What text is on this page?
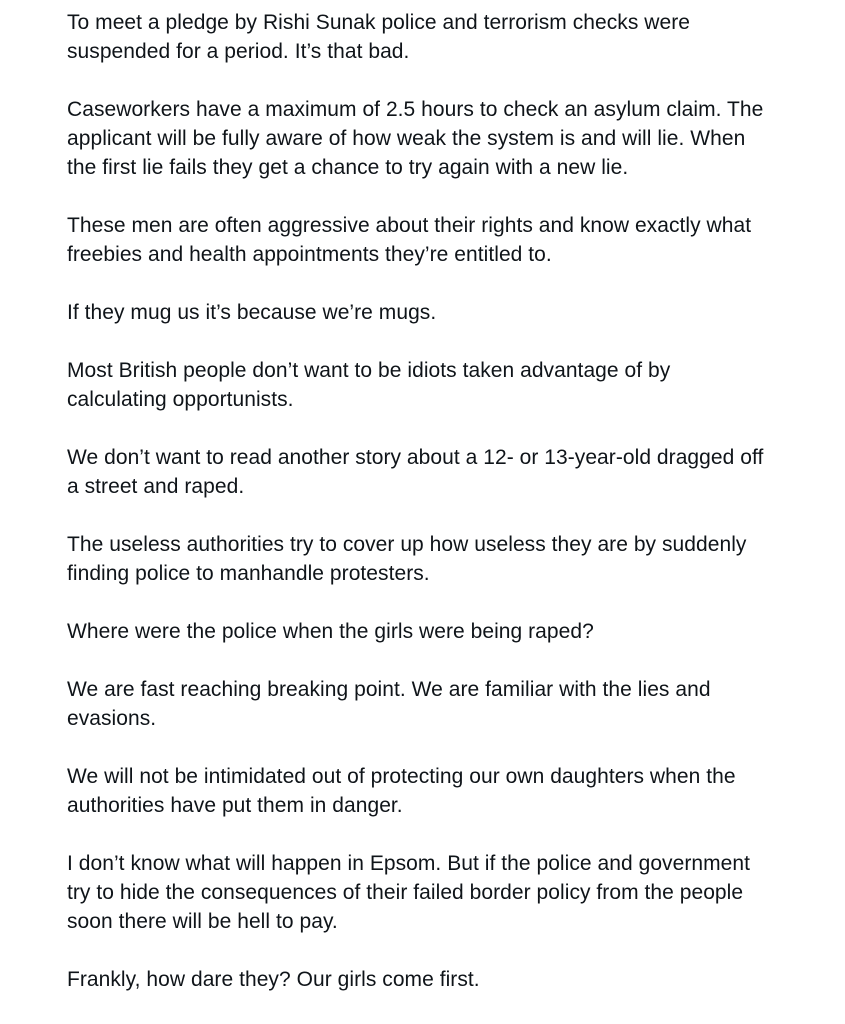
To meet a pledge by Rishi Sunak police and terrorism checks were
suspended for a period. It’s that bad.

Caseworkers have a maximum of 2.5 hours to check an asylum claim. The
applicant will be fully aware of how weak the system is and will lie. When
the first lie fails they get a chance to try again with a new lie.

These men are often aggressive about their rights and know exactly what
freebies and health appointments they’re entitled to.

If they mug us it’s because we’re mugs.

Most British people don’t want to be idiots taken advantage of by
calculating opportunists.

We don’t want to read another story about a 12- or 13-year-old dragged off
a street and raped.

The useless authorities try to cover up how useless they are by suddenly
finding police to manhandle protesters.

Where were the police when the girls were being raped?

We are fast reaching breaking point. We are familiar with the lies and
evasions.

We will not be intimidated out of protecting our own daughters when the
authorities have put them in danger.

I don’t know what will happen in Epsom. But if the police and government
try to hide the consequences of their failed border policy from the people
soon there will be hell to pay.

Frankly, how dare they? Our girls come first.
